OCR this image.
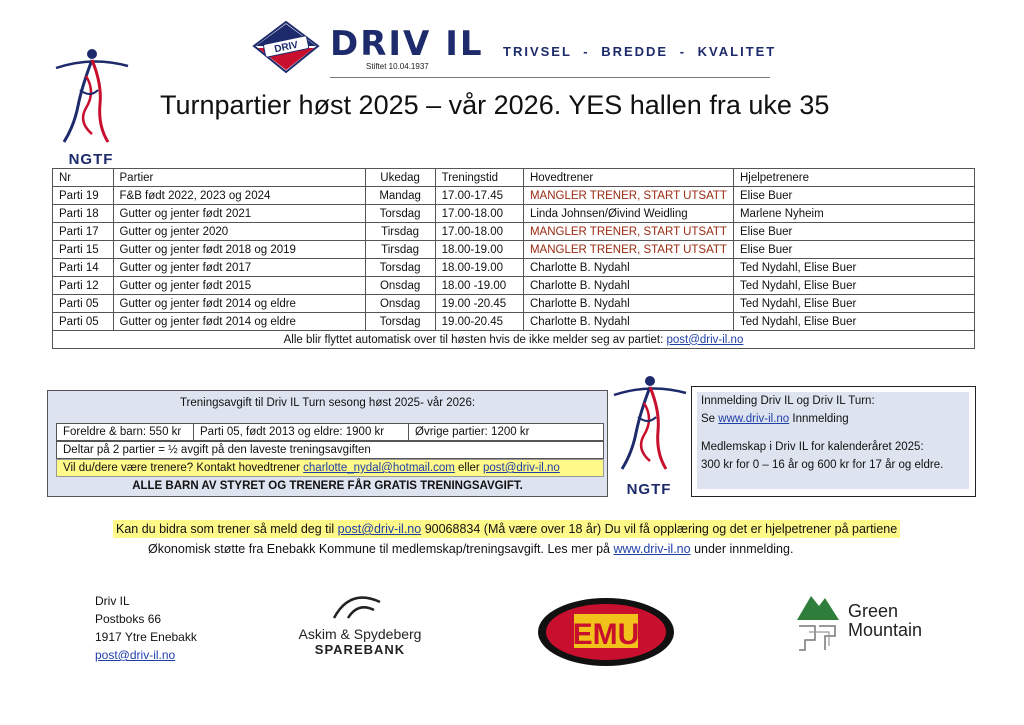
DRIV DRIV IL
Stiftet 10.04.1937
TRIVSEL - BREDDE - KVALITET
Turnpartier høst 2025 – vår 2026. YES hallen fra uke 35
NGTF
Nr	Partier	Ukedag	Treningstid	Hovedtrener	Hjelpetrenere
Parti 19	F&B født 2022, 2023 og 2024	Mandag	17.00-17.45	MANGLER TRENER, START UTSATT	Elise Buer
Parti 18	Gutter og jenter født 2021	Torsdag	17.00-18.00	Linda Johnsen/Øivind Weidling	Marlene Nyheim
Parti 17	Gutter og jenter 2020	Tirsdag	17.00-18.00	MANGLER TRENER, START UTSATT	Elise Buer
Parti 15	Gutter og jenter født 2018 og 2019	Tirsdag	18.00-19.00	MANGLER TRENER, START UTSATT	Elise Buer
Parti 14	Gutter og jenter født 2017	Torsdag	18.00-19.00	Charlotte B. Nydahl	Ted Nydahl, Elise Buer
Parti 12	Gutter og jenter født 2015	Onsdag	18.00 -19.00	Charlotte B. Nydahl	Ted Nydahl, Elise Buer
Parti 05	Gutter og jenter født 2014 og eldre	Onsdag	19.00 -20.45	Charlotte B. Nydahl	Ted Nydahl, Elise Buer
Parti 05	Gutter og jenter født 2014 og eldre	Torsdag	19.00-20.45	Charlotte B. Nydahl	Ted Nydahl, Elise Buer
Alle blir flyttet automatisk over til høsten hvis de ikke melder seg av partiet: post@driv-il.no					
Treningsavgift til Driv IL Turn sesong høst 2025- vår 2026:
Foreldre & barn: 550 kr	Parti 05, født 2013 og eldre: 1900 kr	Øvrige partier: 1200 kr
Deltar på 2 partier = ½ avgift på den laveste treningsavgiften
Vil du/dere være trenere? Kontakt hovedtrener charlotte_nydal@hotmail.com eller post@driv-il.no
ALLE BARN AV STYRET OG TRENERE FÅR GRATIS TRENINGSAVGIFT.	NGTF
Innmelding Driv IL og Driv IL Turn:
Se www.driv-il.no Innmelding
Medlemskap i Driv IL for kalenderåret 2025:
300 kr for 0 – 16 år og 600 kr for 17 år og eldre.
Kan du bidra som trener så meld deg til post@driv-il.no 90068834 (Må være over 18 år) Du vil få opplæring og det er hjelpetrener på partiene
Økonomisk støtte fra Enebakk Kommune til medlemskap/treningsavgift. Les mer på www.driv-il.no under innmelding.
Driv IL
Postboks 66
1917 Ytre Enebakk
post@driv-il.no
Askim & Spydeberg
SPAREBANK	EMU
Green
Mountain
